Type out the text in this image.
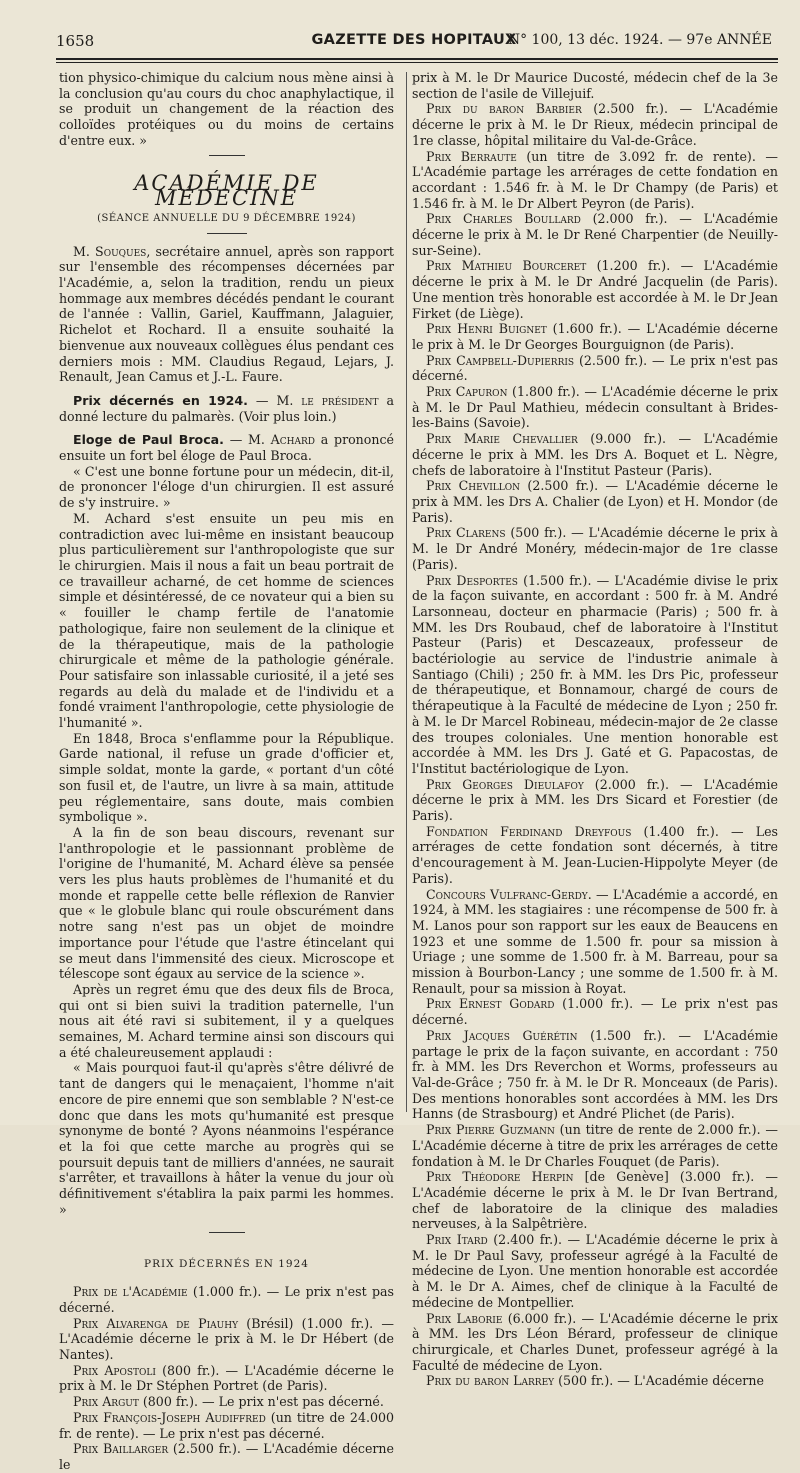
1658	GAZETTE DES HOPITAUX
N° 100, 13 déc. 1924. — 97e ANNÉE

tion physico-chimique du calcium nous mène ainsi à la conclusion qu'au cours du choc anaphylactique, il se produit un changement de la réaction des colloïdes protéiques ou du moins de certains d'entre eux. »

ACADÉMIE DE MÉDECINE
(SÉANCE ANNUELLE DU 9 DÉCEMBRE 1924)

M. Souques, secrétaire annuel, après son rapport sur l'ensemble des récompenses décernées par l'Académie, a, selon la tradition, rendu un pieux hommage aux membres décédés pendant le courant de l'année : Vallin, Gariel, Kauffmann, Jalaguier, Richelot et Rochard. Il a ensuite souhaité la bienvenue aux nouveaux collègues élus pendant ces derniers mois : MM. Claudius Regaud, Lejars, J. Renault, Jean Camus et J.-L. Faure.

Prix décernés en 1924. — M. le président a donné lecture du palmarès. (Voir plus loin.)

Eloge de Paul Broca. — M. Achard a prononcé ensuite un fort bel éloge de Paul Broca.

« C'est une bonne fortune pour un médecin, dit-il, de prononcer l'éloge d'un chirurgien. Il est assuré de s'y instruire. »

M. Achard s'est ensuite un peu mis en contradiction avec lui-même en insistant beaucoup plus particulièrement sur l'anthropologiste que sur le chirurgien. Mais il nous a fait un beau portrait de ce travailleur acharné, de cet homme de sciences simple et désintéressé, de ce novateur qui a bien su « fouiller le champ fertile de l'anatomie pathologique, faire non seulement de la clinique et de la thérapeutique, mais de la pathologie chirurgicale et même de la pathologie générale. Pour satisfaire son inlassable curiosité, il a jeté ses regards au delà du malade et de l'individu et a fondé vraiment l'anthropologie, cette physiologie de l'humanité ».

En 1848, Broca s'enflamme pour la République. Garde national, il refuse un grade d'officier et, simple soldat, monte la garde, « portant d'un côté son fusil et, de l'autre, un livre à sa main, attitude peu réglementaire, sans doute, mais combien symbolique ».

A la fin de son beau discours, revenant sur l'anthropologie et le passionnant problème de l'origine de l'humanité, M. Achard élève sa pensée vers les plus hauts problèmes de l'humanité et du monde et rappelle cette belle réflexion de Ranvier que « le globule blanc qui roule obscurément dans notre sang n'est pas un objet de moindre importance pour l'étude que l'astre étincelant qui se meut dans l'immensité des cieux. Microscope et télescope sont égaux au service de la science ».

Après un regret ému que des deux fils de Broca, qui ont si bien suivi la tradition paternelle, l'un nous ait été ravi si subitement, il y a quelques semaines, M. Achard termine ainsi son discours qui a été chaleureusement applaudi :

« Mais pourquoi faut-il qu'après s'être délivré de tant de dangers qui le menaçaient, l'homme n'ait encore de pire ennemi que son semblable ? N'est-ce donc que dans les mots qu'humanité est presque synonyme de bonté ? Ayons néanmoins l'espérance et la foi que cette marche au progrès qui se poursuit depuis tant de milliers d'années, ne saurait s'arrêter, et travaillons à hâter la venue du jour où définitivement s'établira la paix parmi les hommes. »

PRIX DÉCERNÉS EN 1924

Prix de l'Académie (1.000 fr.). — Le prix n'est pas décerné.

Prix Alvarenga de Piauhy (Brésil) (1.000 fr.). — L'Académie décerne le prix à M. le Dr Hébert (de Nantes).

Prix Apostoli (800 fr.). — L'Académie décerne le prix à M. le Dr Stéphen Portret (de Paris).

Prix Argut (800 fr.). — Le prix n'est pas décerné.

Prix François-Joseph Audiffred (un titre de 24.000 fr. de rente). — Le prix n'est pas décerné.

Prix Baillarger (2.500 fr.). — L'Académie décerne le

prix à M. le Dr Maurice Ducosté, médecin chef de la 3e section de l'asile de Villejuif.

Prix du baron Barbier (2.500 fr.). — L'Académie décerne le prix à M. le Dr Rieux, médecin principal de 1re classe, hôpital militaire du Val-de-Grâce.

Prix Berraute (un titre de 3.092 fr. de rente). — L'Académie partage les arrérages de cette fondation en accordant : 1.546 fr. à M. le Dr Champy (de Paris) et 1.546 fr. à M. le Dr Albert Peyron (de Paris).

Prix Charles Boullard (2.000 fr.). — L'Académie décerne le prix à M. le Dr René Charpentier (de Neuilly-sur-Seine).

Prix Mathieu Bourceret (1.200 fr.). — L'Académie décerne le prix à M. le Dr André Jacquelin (de Paris). Une mention très honorable est accordée à M. le Dr Jean Firket (de Liège).

Prix Henri Buignet (1.600 fr.). — L'Académie décerne le prix à M. le Dr Georges Bourguignon (de Paris).

Prix Campbell-Dupierris (2.500 fr.). — Le prix n'est pas décerné.

Prix Capuron (1.800 fr.). — L'Académie décerne le prix à M. le Dr Paul Mathieu, médecin consultant à Brides-les-Bains (Savoie).

Prix Marie Chevallier (9.000 fr.). — L'Académie décerne le prix à MM. les Drs A. Boquet et L. Nègre, chefs de laboratoire à l'Institut Pasteur (Paris).

Prix Chevillon (2.500 fr.). — L'Académie décerne le prix à MM. les Drs A. Chalier (de Lyon) et H. Mondor (de Paris).

Prix Clarens (500 fr.). — L'Académie décerne le prix à M. le Dr André Monéry, médecin-major de 1re classe (Paris).

Prix Desportes (1.500 fr.). — L'Académie divise le prix de la façon suivante, en accordant : 500 fr. à M. André Larsonneau, docteur en pharmacie (Paris) ; 500 fr. à MM. les Drs Roubaud, chef de laboratoire à l'Institut Pasteur (Paris) et Descazeaux, professeur de bactériologie au service de l'industrie animale à Santiago (Chili) ; 250 fr. à MM. les Drs Pic, professeur de thérapeutique, et Bonnamour, chargé de cours de thérapeutique à la Faculté de médecine de Lyon ; 250 fr. à M. le Dr Marcel Robineau, médecin-major de 2e classe des troupes coloniales. Une mention honorable est accordée à MM. les Drs J. Gaté et G. Papacostas, de l'Institut bactériologique de Lyon.

Prix Georges Dieulafoy (2.000 fr.). — L'Académie décerne le prix à MM. les Drs Sicard et Forestier (de Paris).

Fondation Ferdinand Dreyfous (1.400 fr.). — Les arrérages de cette fondation sont décernés, à titre d'encouragement à M. Jean-Lucien-Hippolyte Meyer (de Paris).

Concours Vulfranc-Gerdy. — L'Académie a accordé, en 1924, à MM. les stagiaires : une récompense de 500 fr. à M. Lanos pour son rapport sur les eaux de Beaucens en 1923 et une somme de 1.500 fr. pour sa mission à Uriage ; une somme de 1.500 fr. à M. Barreau, pour sa mission à Bourbon-Lancy ; une somme de 1.500 fr. à M. Renault, pour sa mission à Royat.

Prix Ernest Godard (1.000 fr.). — Le prix n'est pas décerné.

Prix Jacques Guérétin (1.500 fr.). — L'Académie partage le prix de la façon suivante, en accordant : 750 fr. à MM. les Drs Reverchon et Worms, professeurs au Val-de-Grâce ; 750 fr. à M. le Dr R. Monceaux (de Paris). Des mentions honorables sont accordées à MM. les Drs Hanns (de Strasbourg) et André Plichet (de Paris).

Prix Pierre Guzmann (un titre de rente de 2.000 fr.). — L'Académie décerne à titre de prix les arrérages de cette fondation à M. le Dr Charles Fouquet (de Paris).

Prix Théodore Herpin [de Genève] (3.000 fr.). — L'Académie décerne le prix à M. le Dr Ivan Bertrand, chef de laboratoire de la clinique des maladies nerveuses, à la Salpêtrière.

Prix Itard (2.400 fr.). — L'Académie décerne le prix à M. le Dr Paul Savy, professeur agrégé à la Faculté de médecine de Lyon. Une mention honorable est accordée à M. le Dr A. Aimes, chef de clinique à la Faculté de médecine de Montpellier.

Prix Laborie (6.000 fr.). — L'Académie décerne le prix à MM. les Drs Léon Bérard, professeur de clinique chirurgicale, et Charles Dunet, professeur agrégé à la Faculté de médecine de Lyon.

Prix du baron Larrey (500 fr.). — L'Académie décerne
